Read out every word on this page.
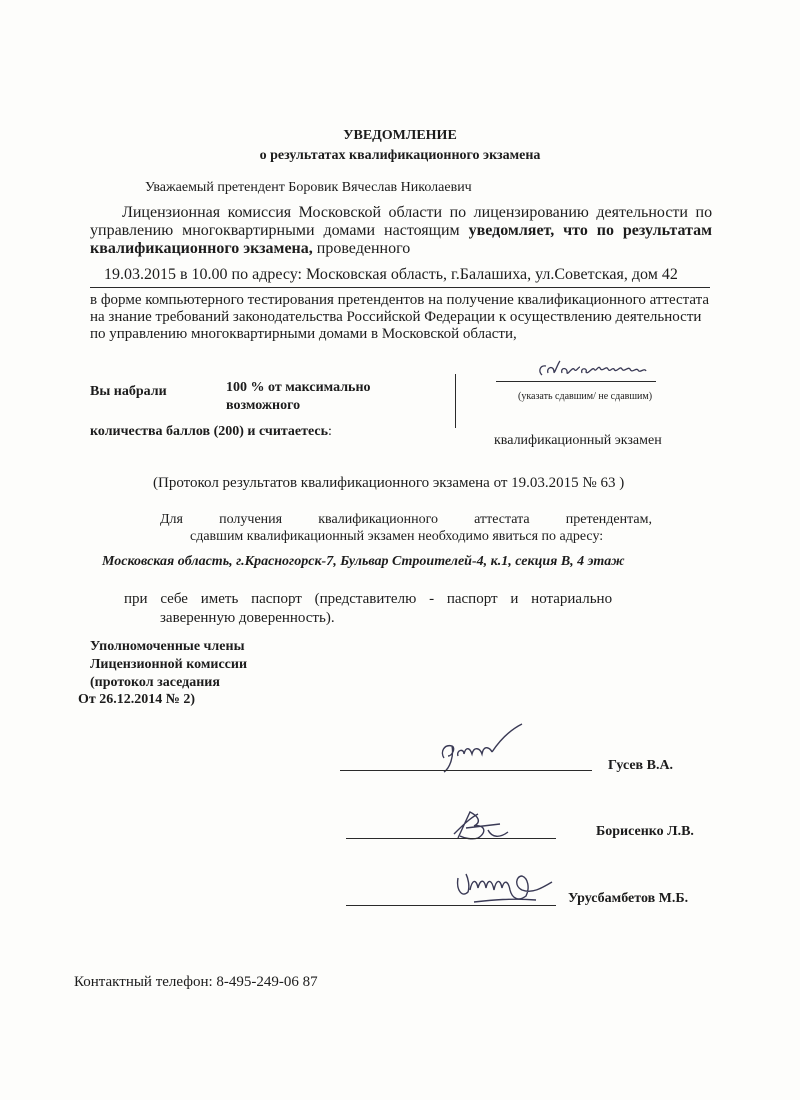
УВЕДОМЛЕНИЕ
о результатах квалификационного экзамена
Уважаемый претендент Боровик Вячеслав Николаевич
Лицензионная комиссия Московской области по лицензированию деятельности по
управлению многоквартирными домами настоящим уведомляет, что по результатам
квалификационного экзамена, проведенного
19.03.2015 в 10.00 по адресу: Московская область, г.Балашиха, ул.Советская, дом 42
в форме компьютерного тестирования претендентов на получение квалификационного аттестата
на знание требований законодательства Российской Федерации к осуществлению деятельности
по управлению многоквартирными домами в Московской области,
Вы набрали	100 % от максимально
возможного
количества баллов (200) и считаетесь:
(указать сдавшим/ не сдавшим)
квалификационный экзамен
(Протокол результатов квалификационного экзамена от 19.03.2015 № 63 )
Для	получения	квалификационного	аттестата	претендентам,
сдавшим квалификационный экзамен необходимо явиться по адресу:
Московская область, г.Красногорск-7, Бульвар Строителей-4, к.1, секция В, 4 этаж
при себе иметь паспорт (представителю - паспорт и нотариально
заверенную доверенность).
Уполномоченные члены
Лицензионной комиссии
(протокол заседания
От 26.12.2014 № 2)
Гусев В.А.
Борисенко Л.В.
Урусбамбетов М.Б.
Контактный телефон: 8-495-249-06 87
